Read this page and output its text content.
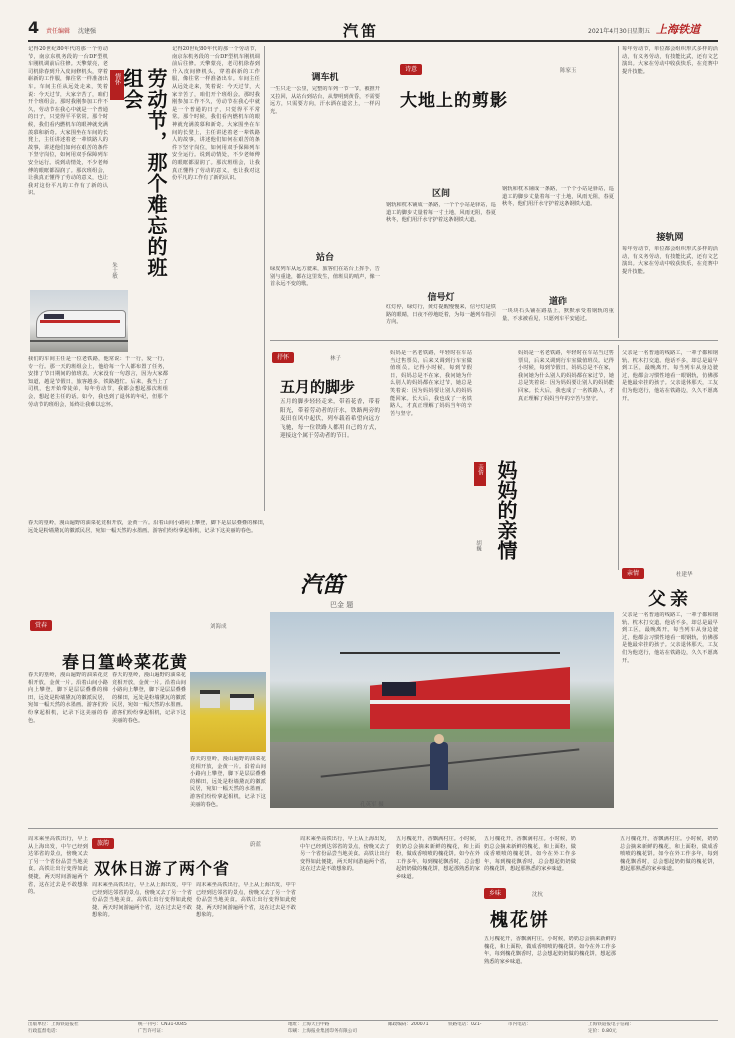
4 责任编辑 沈建强	汽笛	2021年4月30日 星期五 上海铁道
记得20世纪80年代的那一个劳动节，南京东机务段的一台DF型机车刚机调前后往修。天擎蒙亮，老司机徐春到升入皮间修机头，穿着崭新的工作服，像往常一样准备出车。车间主任从远处走来，笑着说：今天过节，大家辛苦了，咱们开个班组会。那时我刚参加工作不久，劳动节在我心中就是一个普通的日子，只觉得平平常常。那个时候，我们看内燃机车的眼神就充满羡慕和新奇。大家围坐在车间的长凳上，主任讲述着老一辈铁路人的故事，讲述他们如何在艰苦的条件下坚守岗位，如何用双手保障列车安全运行。说到动情处，不少老师傅的眼眶都湿润了。那次班组会，让我真正懂得了劳动的意义，也让我对这份平凡的工作有了新的认识。
情怀	劳动节，那个难忘的班组会
朱士敏
我们的车间主任是一位老铁路，他常说：干一行，爱一行，专一行。那一天的班组会上，他给每一个人都布置了任务，安排了节日期间的值班表。大家没有一句怨言，因为大家都知道，越是节假日，旅客越多，铁路越忙。后来，我当上了司机，也开始带徒弟，每年劳动节，我都会想起那次班组会，想起老主任的话。如今，我也到了退休的年纪，但那个劳动节的班组会，始终让我难以忘怀。
记得20世纪80年代的那一个劳动节，南京东机务段的一台DF型机车刚机调前后往修。天擎蒙亮，老司机徐春到升入皮间修机头，穿着崭新的工作服，像往常一样准备出车。车间主任从远处走来，笑着说：今天过节，大家辛苦了，咱们开个班组会。那时我刚参加工作不久，劳动节在我心中就是一个普通的日子，只觉得平平常常。那个时候，我们看内燃机车的眼神就充满羡慕和新奇。大家围坐在车间的长凳上，主任讲述着老一辈铁路人的故事，讲述他们如何在艰苦的条件下坚守岗位，如何用双手保障列车安全运行。说到动情处，不少老师傅的眼眶都湿润了。那次班组会，让我真正懂得了劳动的意义，也让我对这份平凡的工作有了新的认识。
诗意	陈家玉
大地上的剪影
调车机
一生只走一公里，完整的车列一节一节，被推开又拉回，从站台到站台，从黎明到黄昏，不需要远方，只需要方向，汗水洒在道岔上，一样闪光。
站台
绿皮列车从远方驶来，旅客们在站台上挥手，告别与重逢，都在这里发生，值班员的哨声，像一首永远不变的歌。
区间
钢轨和枕木铺成一条路，一个个小站是驿站，巡道工的脚步丈量着每一寸土地，风雨无阻，春夏秋冬，他们用汗水守护着这条钢铁大道。
信号灯
红灯停，绿灯行，黄灯提醒慢慢来，信号灯是铁路的眼睛，日夜不停地眨着，为每一趟列车指引方向。
钢轨和枕木铺成一条路，一个个小站是驿站，巡道工的脚步丈量着每一寸土地，风雨无阻，春夏秋冬，他们用汗水守护着这条钢铁大道。
道砟
一块块石头铺在路基上，默默承受着钢轨的重量，不求被看见，只愿列车平安通过。
每年劳动节，单位都会组织形式多样的活动，有义务劳动，有技能比武，还有文艺演出。大家在劳动中收获快乐，在竞赛中提升技能。
接轨网
每年劳动节，单位都会组织形式多样的活动，有义务劳动，有技能比武，还有文艺演出。大家在劳动中收获快乐，在竞赛中提升技能。
抒怀	林子
五月的脚步
五月的脚步轻轻走来，带着花香，带着阳光，带着劳动者的汗水，铁路两旁的麦田在风中起伏，列车载着希望向远方飞驰，每一位铁路人都用自己的方式，迎接这个属于劳动者的节日。
妈妈是一名老铁路，年轻时在车站当过售票员，后来又调到行车室做值班员。记得小时候，每到节假日，妈妈总是不在家，我问她为什么别人的妈妈都在家过节，她总是笑着说：因为妈妈要让别人的妈妈能回家。长大后，我也成了一名铁路人，才真正理解了妈妈当年的辛苦与坚守。
亲情 妈妈的亲情
胡巍
妈妈是一名老铁路，年轻时在车站当过售票员，后来又调到行车室做值班员。记得小时候，每到节假日，妈妈总是不在家，我问她为什么别人的妈妈都在家过节，她总是笑着说：因为妈妈要让别人的妈妈能回家。长大后，我也成了一名铁路人，才真正理解了妈妈当年的辛苦与坚守。
父亲是一名普通的线路工，一辈子都和钢轨、枕木打交道。他话不多，却总是最早到工区，最晚离开。每当列车从身边驶过，他都会习惯性地看一眼钢轨，仿佛那是他最牵挂的孩子。父亲退休那天，工友们为他送行，他站在铁路边，久久不愿离开。
亲情	杜建华
父亲
父亲是一名普通的线路工，一辈子都和钢轨、枕木打交道。他话不多，却总是最早到工区，最晚离开。每当列车从身边驶过，他都会习惯性地看一眼钢轨，仿佛那是他最牵挂的孩子。父亲退休那天，工友们为他送行，他站在铁路边，久久不愿离开。
春天的篁岭，漫山遍野的油菜花竞相开放，金黄一片。沿着山间小路向上攀登，脚下是层层叠叠的梯田，远处是粉墙黛瓦的徽派民居，宛如一幅天然的水墨画。游客们纷纷拿起相机，记录下这美丽的春色。
汽笛
巴金 题
孔英军 摄
赏春	刘海成
春日篁岭菜花黄
春天的篁岭，漫山遍野的油菜花竞相开放，金黄一片。沿着山间小路向上攀登，脚下是层层叠叠的梯田，远处是粉墙黛瓦的徽派民居，宛如一幅天然的水墨画。游客们纷纷拿起相机，记录下这美丽的春色。
春天的篁岭，漫山遍野的油菜花竞相开放，金黄一片。沿着山间小路向上攀登，脚下是层层叠叠的梯田，远处是粉墙黛瓦的徽派民居，宛如一幅天然的水墨画。游客们纷纷拿起相机，记录下这美丽的春色。
春天的篁岭，漫山遍野的油菜花竞相开放，金黄一片。沿着山间小路向上攀登，脚下是层层叠叠的梯田，远处是粉墙黛瓦的徽派民居，宛如一幅天然的水墨画。游客们纷纷拿起相机，记录下这美丽的春色。
旅韵	蔚蓝
双休日游了两个省
周末乘坐高铁出行，早上从上海出发，中午已经到达邻省的景点，傍晚又去了另一个省份品尝当地美食。高铁让出行变得如此便捷，两天时间游遍两个省，这在过去是不敢想象的。
周末乘坐高铁出行，早上从上海出发，中午已经到达邻省的景点，傍晚又去了另一个省份品尝当地美食。高铁让出行变得如此便捷，两天时间游遍两个省，这在过去是不敢想象的。
周末乘坐高铁出行，早上从上海出发，中午已经到达邻省的景点，傍晚又去了另一个省份品尝当地美食。高铁让出行变得如此便捷，两天时间游遍两个省，这在过去是不敢想象的。
周末乘坐高铁出行，早上从上海出发，中午已经到达邻省的景点，傍晚又去了另一个省份品尝当地美食。高铁让出行变得如此便捷，两天时间游遍两个省，这在过去是不敢想象的。
五月槐花开，香飘满村庄。小时候，奶奶总会摘来新鲜的槐花，和上面粉，做成香喷喷的槐花饼。如今在外工作多年，每到槐花飘香时，总会想起奶奶做的槐花饼，想起那熟悉的家乡味道。
五月槐花开，香飘满村庄。小时候，奶奶总会摘来新鲜的槐花，和上面粉，做成香喷喷的槐花饼。如今在外工作多年，每到槐花飘香时，总会想起奶奶做的槐花饼，想起那熟悉的家乡味道。
乡味	沈杭
槐花饼
五月槐花开，香飘满村庄。小时候，奶奶总会摘来新鲜的槐花，和上面粉，做成香喷喷的槐花饼。如今在外工作多年，每到槐花飘香时，总会想起奶奶做的槐花饼，想起那熟悉的家乡味道。
五月槐花开，香飘满村庄。小时候，奶奶总会摘来新鲜的槐花，和上面粉，做成香喷喷的槐花饼。如今在外工作多年，每到槐花飘香时，总会想起奶奶做的槐花饼，想起那熟悉的家乡味道。
出版单位：上海铁道报社	统一刊号：CN31-0045	地址：上海天目中路	邮政编码：200071	铁路电话：021-	市内电话：	上海铁道报电子信箱：
行政监督电话：	广告许可证：	印刷：上海报业集团印务有限公司	定价：0.80元
